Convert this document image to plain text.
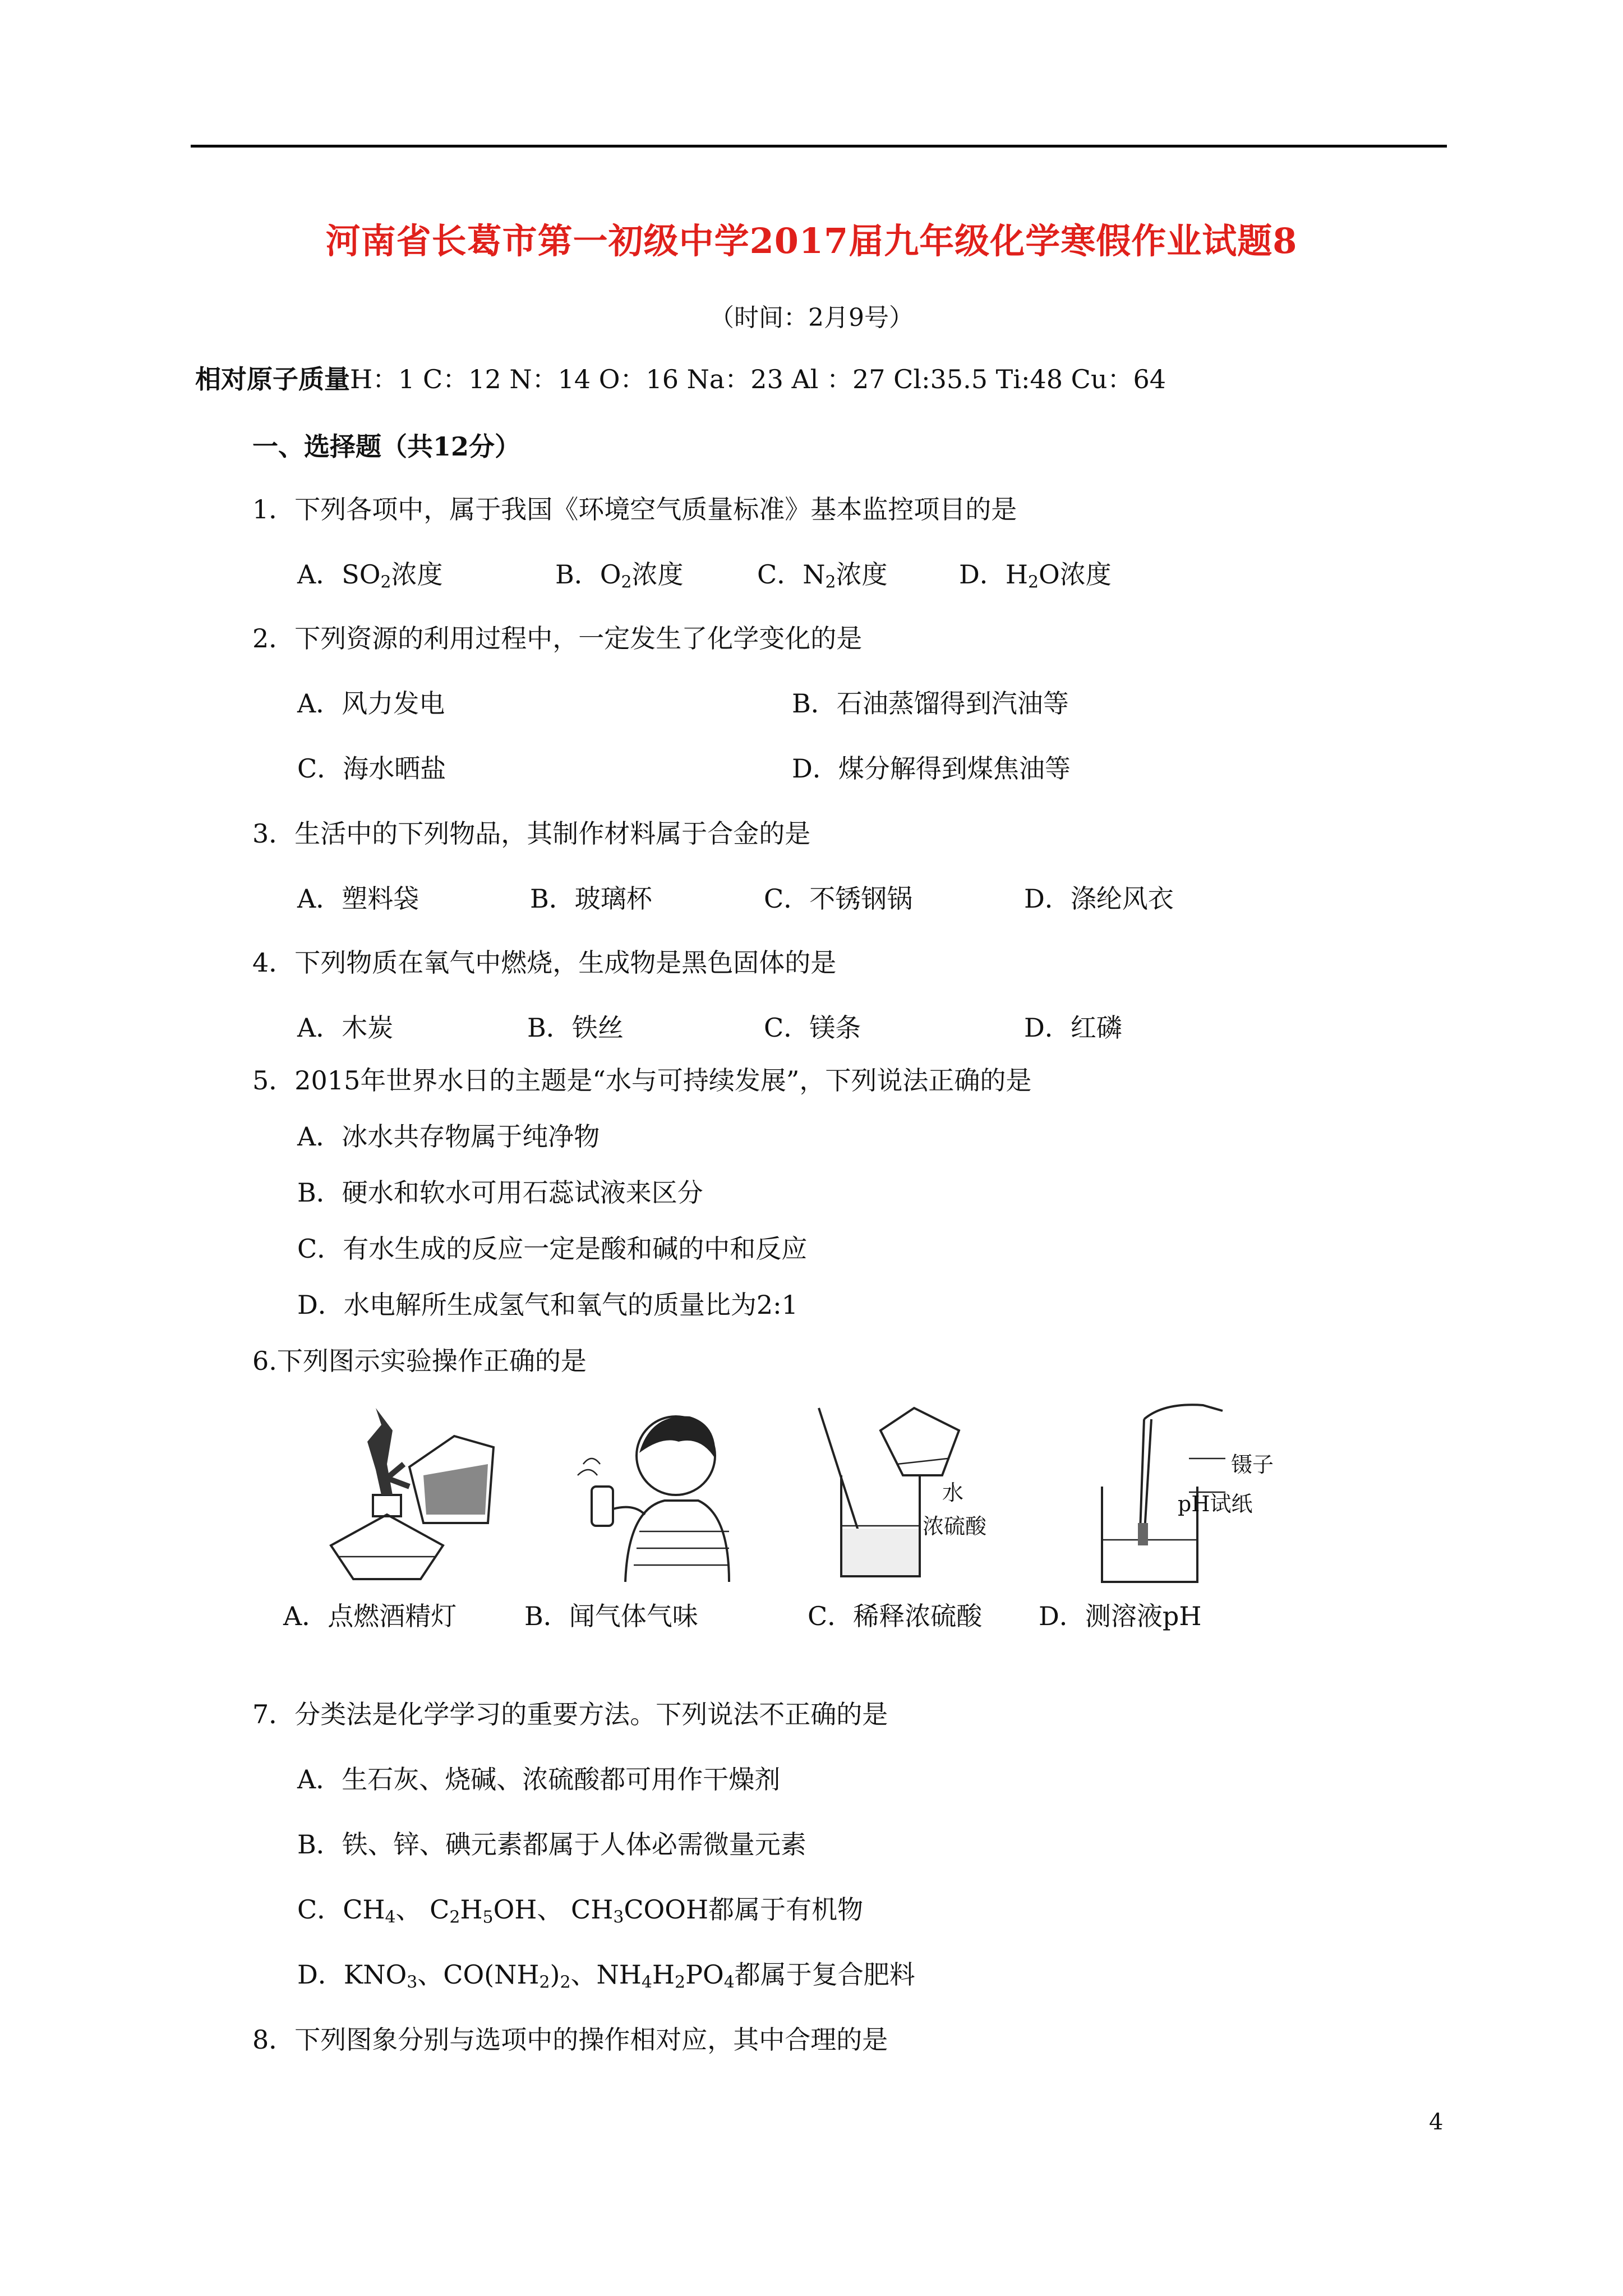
河南省长葛市第一初级中学2017届九年级化学寒假作业试题8
（时间：2月9号）
相对原子质量H：1 C：12 N：14 O：16 Na：23 Al ：27 Cl:35.5 Ti:48 Cu：64
一、选择题（共12分）
1．下列各项中，属于我国《环境空气质量标准》基本监控项目的是
A．$SO_2$浓度	B．$O_2$浓度	C．$N_2$浓度	D．$H_2O$浓度
2．下列资源的利用过程中，一定发生了化学变化的是
A．风力发电	B．石油蒸馏得到汽油等
C．海水晒盐	D．煤分解得到煤焦油等
3．生活中的下列物品，其制作材料属于合金的是
A．塑料袋	B．玻璃杯	C．不锈钢锅	D．涤纶风衣
4．下列物质在氧气中燃烧，生成物是黑色固体的是
A．木炭	B．铁丝	C．镁条	D．红磷
5．2015年世界水日的主题是“水与可持续发展”，下列说法正确的是
A．冰水共存物属于纯净物
B．硬水和软水可用石蕊试液来区分
C．有水生成的反应一定是酸和碱的中和反应
D．水电解所生成氢气和氧气的质量比为2:1
6.下列图示实验操作正确的是
A．点燃酒精灯	B．闻气体气味
水
浓硫酸
C．稀释浓硫酸
镊子
pH试纸
D．测溶液pH
7．分类法是化学学习的重要方法。下列说法不正确的是
A．生石灰、烧碱、浓硫酸都可用作干燥剂
B．铁、锌、碘元素都属于人体必需微量元素
C．$CH_4$、 $C_2H_5OH$、 $CH_3COOH$都属于有机物
D．$KNO_3$、$CO(NH_2)_2$、$NH_4H_2PO_4$都属于复合肥料
8．下列图象分别与选项中的操作相对应，其中合理的是
4
